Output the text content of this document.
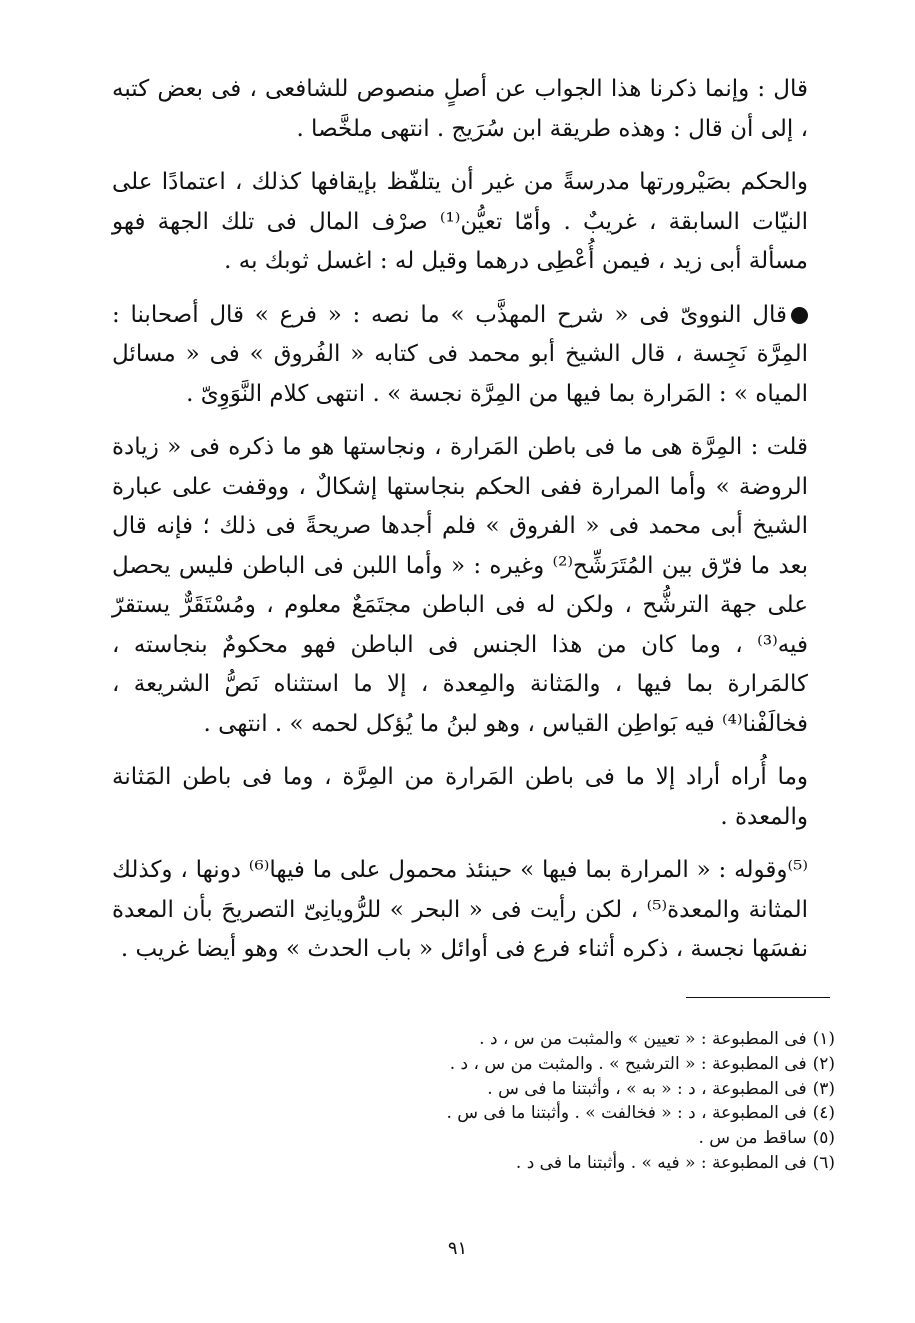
قال : وإنما ذكرنا هذا الجواب عن أصلٍ منصوص للشافعى ، فى بعض كتبه ، إلى أن قال : وهذه طريقة ابن سُرَيج . انتهى ملخَّصا .

والحكم بصَيْرورتها مدرسةً من غير أن يتلفّظ بإيقافها كذلك ، اعتمادًا على النيّات السابقة ، غريبٌ . وأمّا تعيُّن⁽¹⁾ صرْف المال فى تلك الجهة فهو مسألة أبى زيد ، فيمن أُعْطِى درهما وقيل له : اغسل ثوبك به .

قال النووىّ فى « شرح المهذَّب » ما نصه : « فرع » قال أصحابنا : المِرَّة نَجِسة ، قال الشيخ أبو محمد فى كتابه « الفُروق » فى « مسائل المياه » : المَرارة بما فيها من المِرَّة نجسة » . انتهى كلام النَّوَوِىّ .

قلت : المِرَّة هى ما فى باطن المَرارة ، ونجاستها هو ما ذكره فى « زيادة الروضة » وأما المرارة ففى الحكم بنجاستها إشكالٌ ، ووقفت على عبارة الشيخ أبى محمد فى « الفروق » فلم أجدها صريحةً فى ذلك ؛ فإنه قال بعد ما فرّق بين المُتَرَشِّح⁽²⁾ وغيره : « وأما اللبن فى الباطن فليس يحصل على جهة الترشُّح ، ولكن له فى الباطن مجتَمَعٌ معلوم ، ومُسْتَقَرٌّ يستقرّ فيه⁽³⁾ ، وما كان من هذا الجنس فى الباطن فهو محكومٌ بنجاسته ، كالمَرارة بما فيها ، والمَثانة والمِعدة ، إلا ما استثناه نَصُّ الشريعة ، فخالَفْنا⁽⁴⁾ فيه بَواطِن القياس ، وهو لبنُ ما يُؤكل لحمه » . انتهى .

وما أُراه أراد إلا ما فى باطن المَرارة من المِرَّة ، وما فى باطن المَثانة والمعدة .

⁽⁵⁾وقوله : « المرارة بما فيها » حينئذ محمول على ما فيها⁽⁶⁾ دونها ، وكذلك المثانة والمعدة⁽⁵⁾ ، لكن رأيت فى « البحر » للرُّويانِىّ التصريحَ بأن المعدة نفسَها نجسة ، ذكره أثناء فرع فى أوائل « باب الحدث » وهو أيضا غريب .

(١)فى المطبوعة : « تعيين » والمثبت من س ، د .
(٢)فى المطبوعة : « الترشيح » . والمثبت من س ، د .
(٣)فى المطبوعة ، د : « به » ، وأثبتنا ما فى س .
(٤)فى المطبوعة ، د : « فخالفت » . وأثبتنا ما فى س .
(٥)ساقط من س .
(٦)فى المطبوعة : « فيه » . وأثبتنا ما فى د .
٩١
